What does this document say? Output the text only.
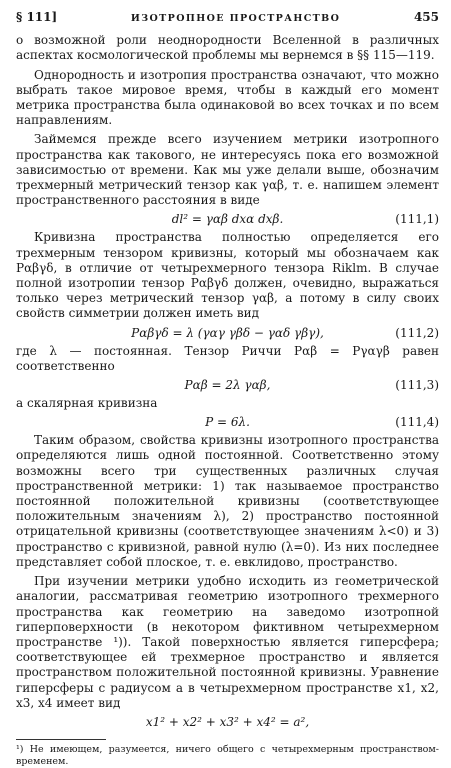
§ 111]	ИЗОТРОПНОЕ ПРОСТРАНСТВО	455

о возможной роли неоднородности Вселенной в различных аспектах космологической проблемы мы вернемся в §§ 115—119.

Однородность и изотропия пространства означают, что можно выбрать такое мировое время, чтобы в каждый его момент метрика пространства была одинаковой во всех точках и по всем направлениям.

Займемся прежде всего изучением метрики изотропного пространства как такового, не интересуясь пока его возможной зависимостью от времени. Как мы уже делали выше, обозначим трехмерный метрический тензор как γαβ, т. е. напишем элемент пространственного расстояния в виде

dl² = γαβ dxα dxβ.	(111,1)

Кривизна пространства полностью определяется его трехмерным тензором кривизны, который мы обозначаем как Pαβγδ, в отличие от четырехмерного тензора Riklm. В случае полной изотропии тензор Pαβγδ должен, очевидно, выражаться только через метрический тензор γαβ, а потому в силу своих свойств симметрии должен иметь вид

Pαβγδ = λ (γαγ γβδ − γαδ γβγ),	(111,2)

где λ — постоянная. Тензор Риччи Pαβ = Pγαγβ равен соответственно

Pαβ = 2λ γαβ,	(111,3)

а скалярная кривизна

P = 6λ.	(111,4)

Таким образом, свойства кривизны изотропного пространства определяются лишь одной постоянной. Соответственно этому возможны всего три существенных различных случая пространственной метрики: 1) так называемое пространство постоянной положительной кривизны (соответствующее положительным значениям λ), 2) пространство постоянной отрицательной кривизны (соответствующее значениям λ<0) и 3) пространство с кривизной, равной нулю (λ=0). Из них последнее представляет собой плоское, т. е. евклидово, пространство.

При изучении метрики удобно исходить из геометрической аналогии, рассматривая геометрию изотропного трехмерного пространства как геометрию на заведомо изотропной гиперповерхности (в некотором фиктивном четырехмерном пространстве ¹)). Такой поверхностью является гиперсфера; соответствующее ей трехмерное пространство и является пространством положительной постоянной кривизны. Уравнение гиперсферы с радиусом a в четырехмерном пространстве x1, x2, x3, x4 имеет вид

x1² + x2² + x3² + x4² = a²,
¹) Не имеющем, разумеется, ничего общего с четырехмерным пространством-временем.
